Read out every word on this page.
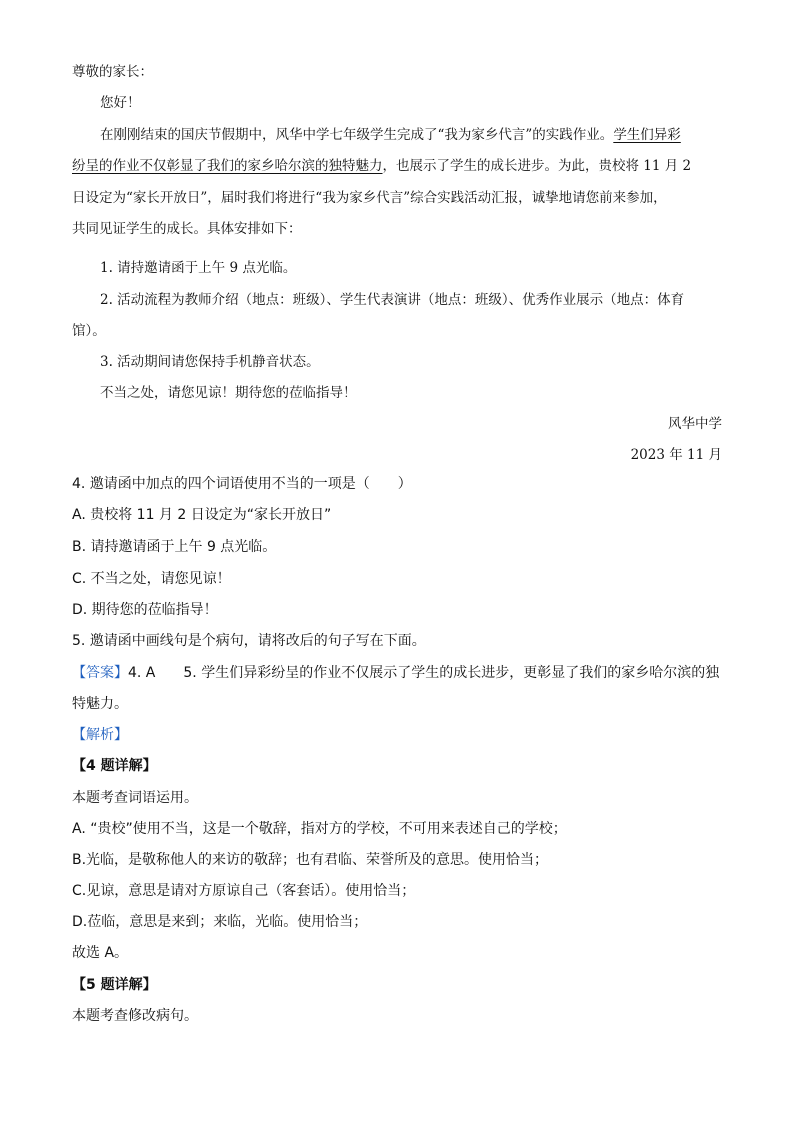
尊敬的家长：
您好！
在刚刚结束的国庆节假期中，风华中学七年级学生完成了“我为家乡代言”的实践作业。学生们异彩
纷呈的作业不仅彰显了我们的家乡哈尔滨的独特魅力，也展示了学生的成长进步。为此，贵校将 11 月 2
日设定为“家长开放日”，届时我们将进行“我为家乡代言”综合实践活动汇报，诚挚地请您前来参加，
共同见证学生的成长。具体安排如下：
1. 请持邀请函于上午 9 点光临。
2. 活动流程为教师介绍（地点：班级）、学生代表演讲（地点：班级）、优秀作业展示（地点：体育
馆）。
3. 活动期间请您保持手机静音状态。
不当之处，请您见谅！期待您的莅临指导！
风华中学
2023 年 11 月
4. 邀请函中加点的四个词语使用不当的一项是（　　）
A. 贵校将 11 月 2 日设定为“家长开放日”
B. 请持邀请函于上午 9 点光临。
C. 不当之处，请您见谅！
D. 期待您的莅临指导！
5. 邀请函中画线句是个病句，请将改后的句子写在下面。
【答案】4. A 5. 学生们异彩纷呈的作业不仅展示了学生的成长进步，更彰显了我们的家乡哈尔滨的独
特魅力。
【解析】
【4 题详解】
本题考查词语运用。
A. “贵校”使用不当，这是一个敬辞，指对方的学校，不可用来表述自己的学校；
B.光临，是敬称他人的来访的敬辞；也有君临、荣誉所及的意思。使用恰当；
C.见谅，意思是请对方原谅自己（客套话）。使用恰当；
D.莅临，意思是来到；来临，光临。使用恰当；
故选 A。
【5 题详解】
本题考查修改病句。
